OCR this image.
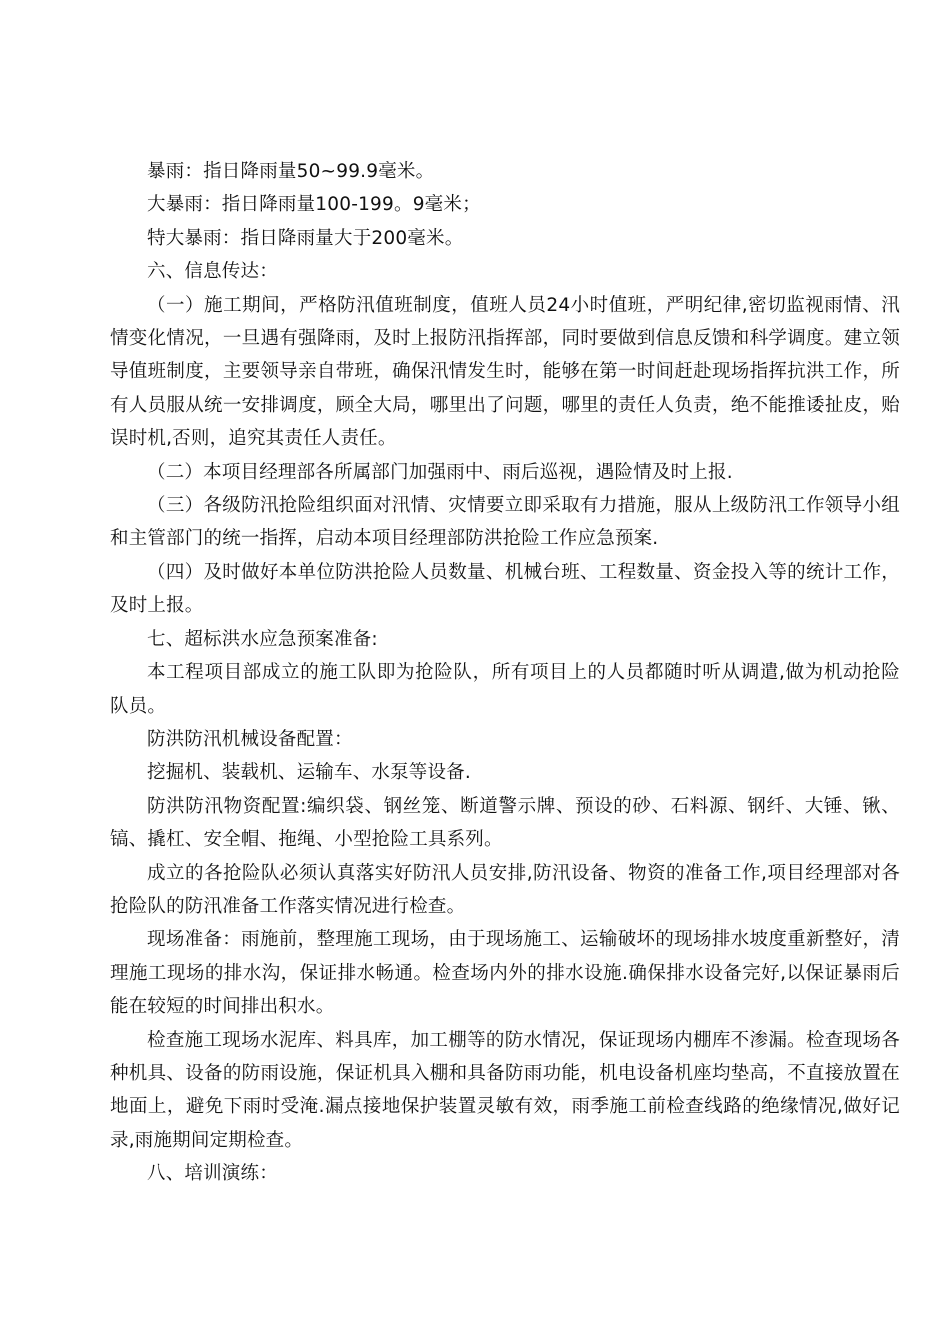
暴雨：指日降雨量50~99.9毫米。

大暴雨：指日降雨量100-199。9毫米；

特大暴雨：指日降雨量大于200毫米。

六、信息传达：

（一）施工期间，严格防汛值班制度，值班人员24小时值班，严明纪律,密切监视雨情、汛情变化情况，一旦遇有强降雨，及时上报防汛指挥部，同时要做到信息反馈和科学调度。建立领导值班制度，主要领导亲自带班，确保汛情发生时，能够在第一时间赶赴现场指挥抗洪工作，所有人员服从统一安排调度，顾全大局，哪里出了问题，哪里的责任人负责，绝不能推诿扯皮，贻误时机,否则，追究其责任人责任。

（二）本项目经理部各所属部门加强雨中、雨后巡视，遇险情及时上报.

（三）各级防汛抢险组织面对汛情、灾情要立即采取有力措施，服从上级防汛工作领导小组和主管部门的统一指挥，启动本项目经理部防洪抢险工作应急预案.

（四）及时做好本单位防洪抢险人员数量、机械台班、工程数量、资金投入等的统计工作，及时上报。

七、超标洪水应急预案准备:

本工程项目部成立的施工队即为抢险队，所有项目上的人员都随时听从调遣,做为机动抢险队员。

防洪防汛机械设备配置：

挖掘机、装载机、运输车、水泵等设备.

防洪防汛物资配置:编织袋、钢丝笼、断道警示牌、预设的砂、石料源、钢纤、大锤、锹、镐、撬杠、安全帽、拖绳、小型抢险工具系列。

成立的各抢险队必须认真落实好防汛人员安排,防汛设备、物资的准备工作,项目经理部对各抢险队的防汛准备工作落实情况进行检查。

现场准备：雨施前，整理施工现场，由于现场施工、运输破坏的现场排水坡度重新整好，清理施工现场的排水沟，保证排水畅通。检查场内外的排水设施.确保排水设备完好,以保证暴雨后能在较短的时间排出积水。

检查施工现场水泥库、料具库，加工棚等的防水情况，保证现场内棚库不渗漏。检查现场各种机具、设备的防雨设施，保证机具入棚和具备防雨功能，机电设备机座均垫高，不直接放置在地面上，避免下雨时受淹.漏点接地保护装置灵敏有效，雨季施工前检查线路的绝缘情况,做好记录,雨施期间定期检查。

八、培训演练：
